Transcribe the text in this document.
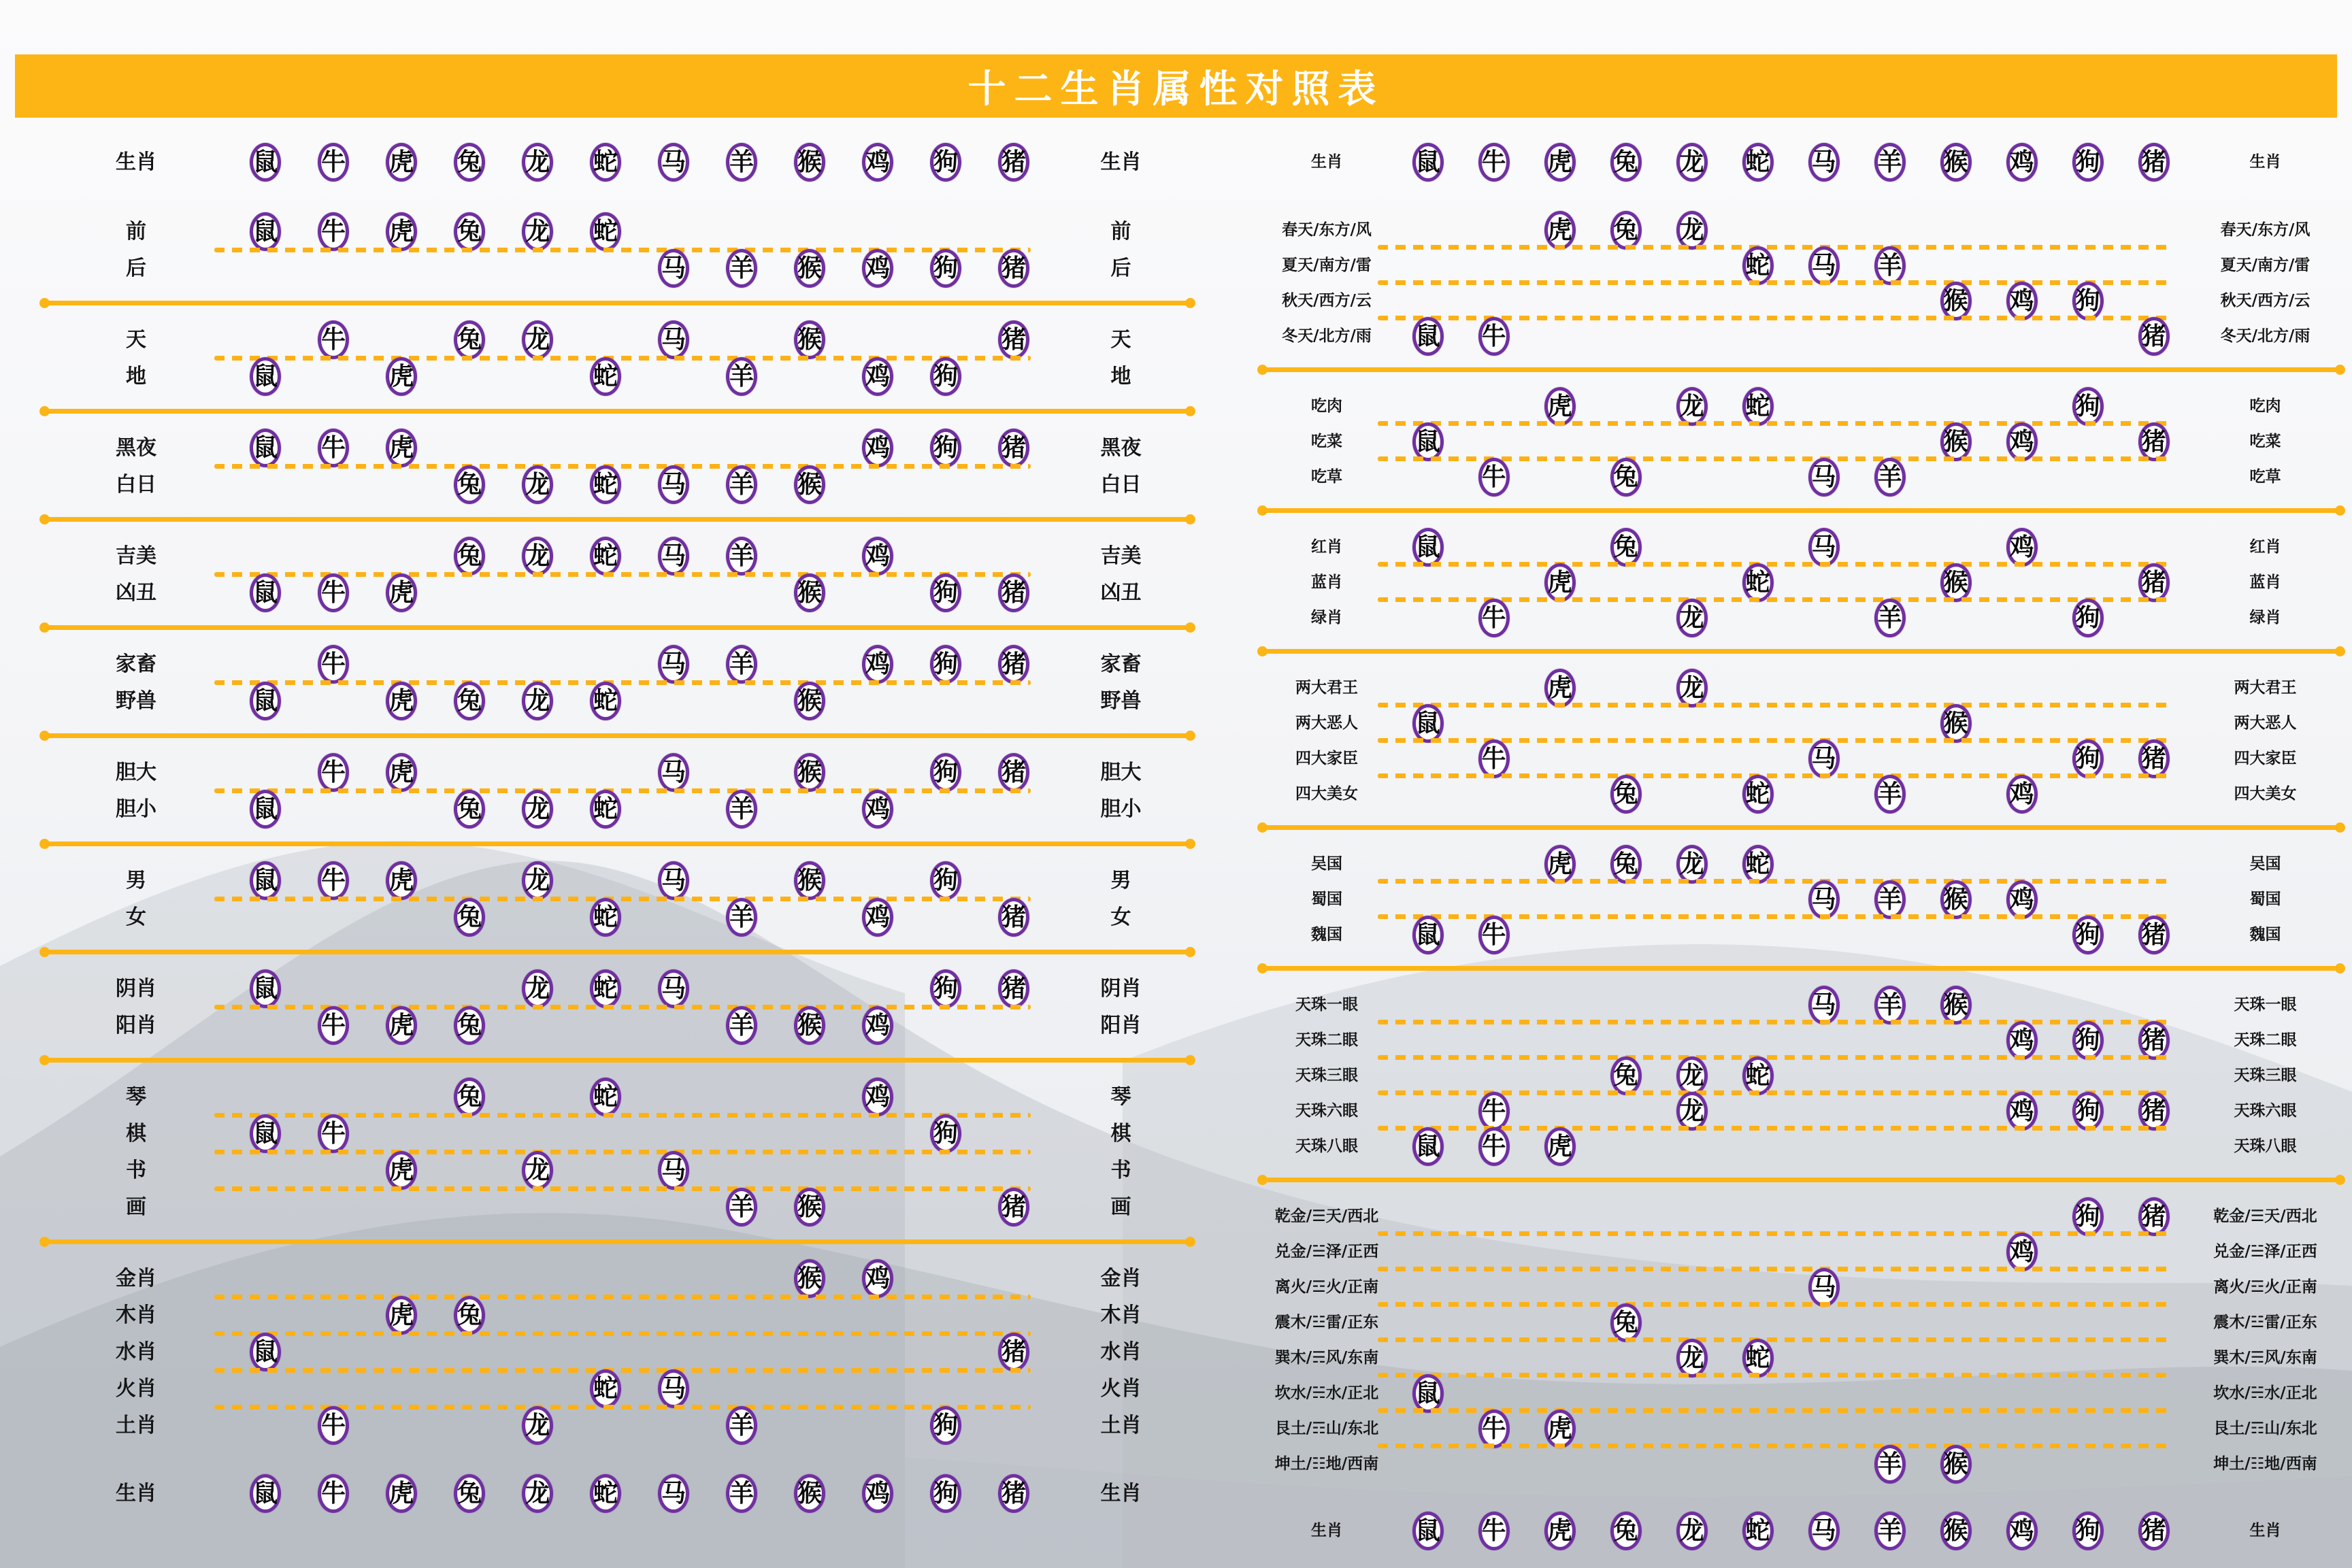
十二生肖属性对照表
生肖	鼠 牛 虎 兔 龙 蛇 马 羊 猴 鸡 狗 猪	生肖
前	鼠 牛 虎 兔 龙 蛇	前
后	马 羊 猴 鸡 狗 猪	后
天	牛	兔 龙	马	猴	猪	天
地	鼠	虎	蛇	羊	鸡 狗	地
黑夜	鼠 牛 虎	鸡 狗 猪	黑夜
白日	兔 龙 蛇 马 羊 猴	白日
吉美	兔 龙 蛇 马 羊	鸡	吉美
凶丑	鼠 牛 虎	猴	狗 猪	凶丑
家畜	牛	马 羊	鸡 狗 猪	家畜
野兽	鼠	虎 兔 龙 蛇	猴	野兽
胆大	牛 虎	马	猴	狗 猪	胆大
胆小	鼠	兔 龙 蛇	羊	鸡	胆小
男	鼠 牛 虎	龙	马	猴	狗	男
女	兔	蛇	羊	鸡	猪	女
阴肖	鼠	龙 蛇 马	狗 猪	阴肖
阳肖	牛 虎 兔	羊 猴 鸡	阳肖
琴	兔	蛇	鸡	琴
棋	鼠 牛	狗	棋
书	虎	龙	马	书
画	羊 猴	猪	画
金肖	猴 鸡	金肖
木肖	虎 兔	木肖
水肖	鼠	猪	水肖
火肖	蛇 马	火肖
土肖	牛	龙	羊	狗	土肖
生肖	鼠 牛 虎 兔 龙 蛇 马 羊 猴 鸡 狗 猪	生肖
生肖	鼠 牛 虎 兔 龙 蛇 马 羊 猴 鸡 狗 猪	生肖
春天/东方/风	虎 兔 龙	春天/东方/风
夏天/南方/雷	蛇 马 羊	夏天/南方/雷
秋天/西方/云	猴 鸡 狗	秋天/西方/云
冬天/北方/雨	鼠 牛	猪	冬天/北方/雨
吃肉	虎	龙 蛇	狗	吃肉
吃菜	鼠	猴 鸡	猪	吃菜
吃草	牛	兔	马 羊	吃草
红肖	鼠	兔	马	鸡	红肖
蓝肖	虎	蛇	猴	猪	蓝肖
绿肖	牛	龙	羊	狗	绿肖
两大君王	虎	龙	两大君王
两大恶人	鼠	猴	两大恶人
四大家臣	牛	马	狗 猪	四大家臣
四大美女	兔	蛇	羊	鸡	四大美女
吴国	虎 兔 龙 蛇	吴国
蜀国	马 羊 猴 鸡	蜀国
魏国	鼠 牛	狗 猪	魏国
天珠一眼	马 羊 猴	天珠一眼
天珠二眼	鸡 狗 猪	天珠二眼
天珠三眼	兔 龙 蛇	天珠三眼
天珠六眼	牛	龙	鸡 狗 猪	天珠六眼
天珠八眼	鼠 牛 虎	天珠八眼
乾金/☰天/西北	狗 猪	乾金/☰天/西北
兑金/☱泽/正西	鸡	兑金/☱泽/正西
离火/☲火/正南	马	离火/☲火/正南
震木/☳雷/正东	兔	震木/☳雷/正东
巽木/☴风/东南	龙 蛇	巽木/☴风/东南
坎水/☵水/正北	鼠	坎水/☵水/正北
艮土/☶山/东北	牛 虎	艮土/☶山/东北
坤土/☷地/西南	羊 猴	坤土/☷地/西南
生肖	鼠 牛 虎 兔 龙 蛇 马 羊 猴 鸡 狗 猪	生肖
